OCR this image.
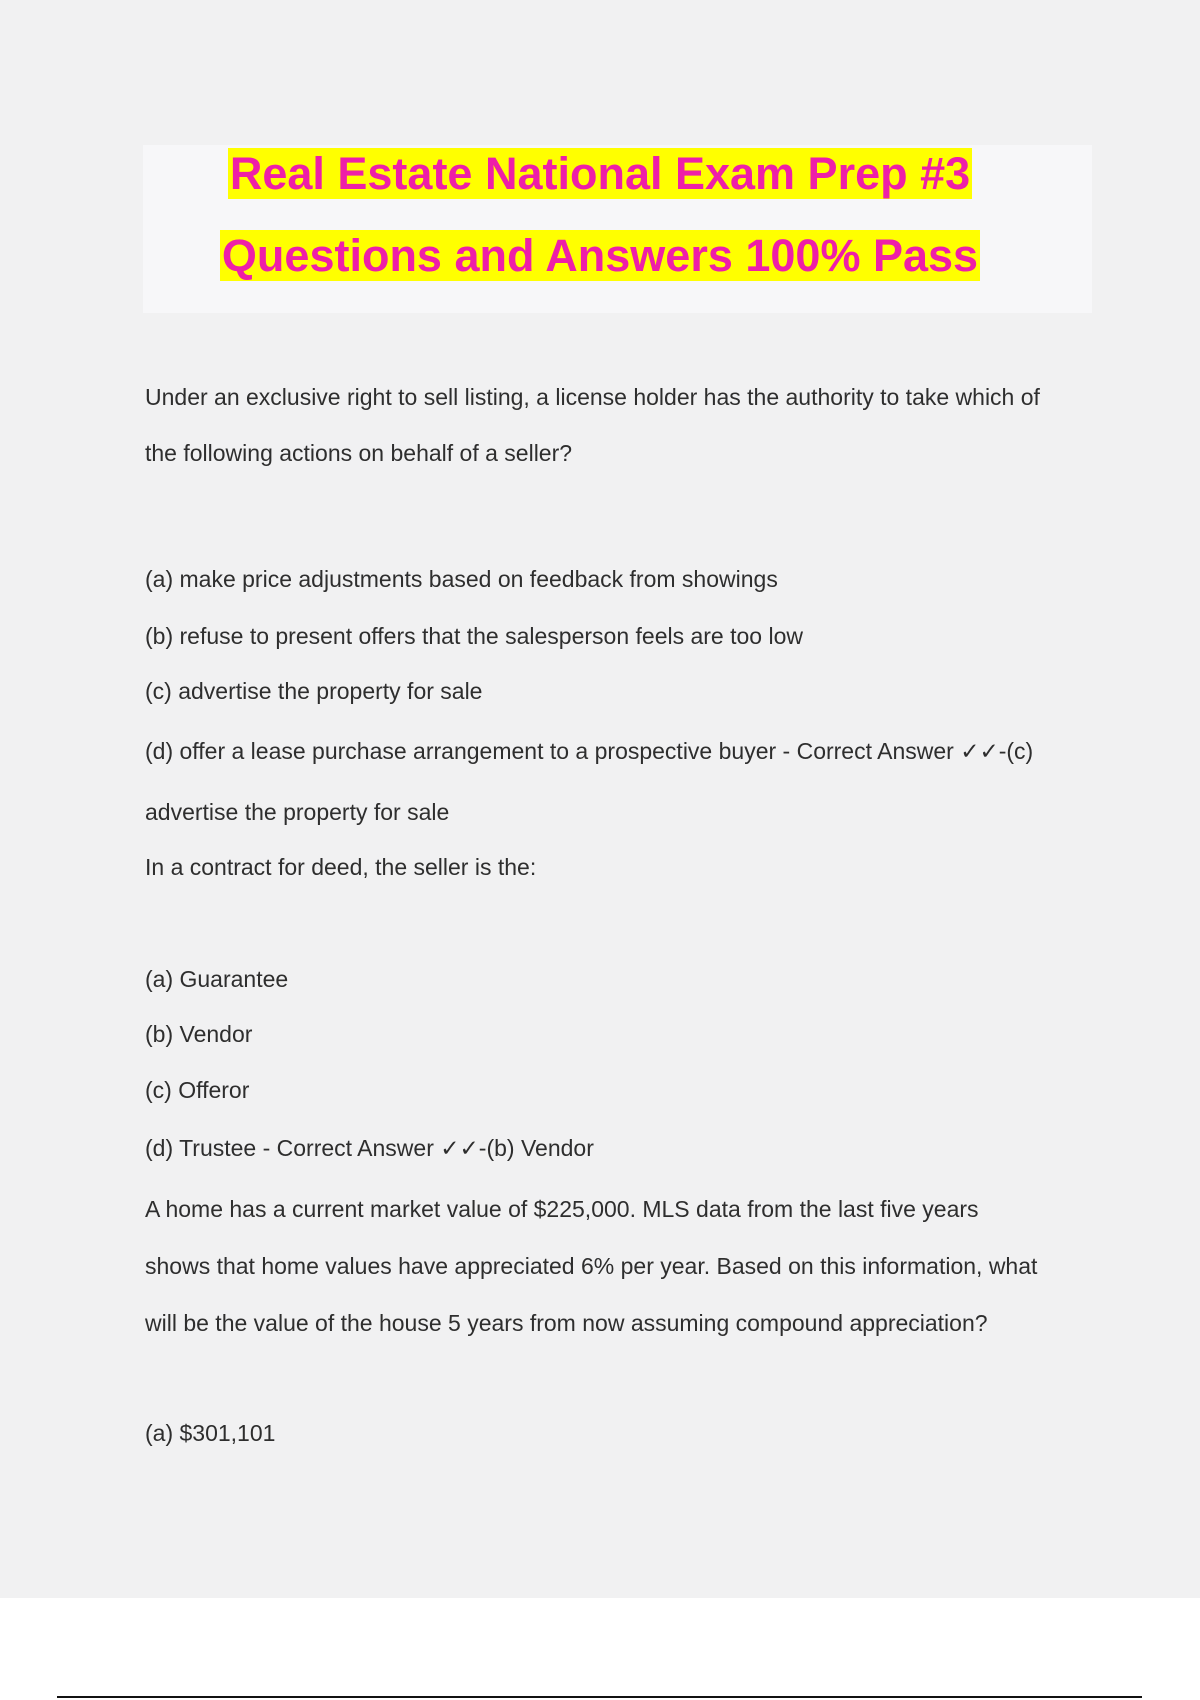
Real Estate National Exam Prep #3
Questions and Answers 100% Pass
Under an exclusive right to sell listing, a license holder has the authority to take which of
the following actions on behalf of a seller?
(a) make price adjustments based on feedback from showings
(b) refuse to present offers that the salesperson feels are too low
(c) advertise the property for sale
(d) offer a lease purchase arrangement to a prospective buyer - Correct Answer ✓✓-(c)
advertise the property for sale
In a contract for deed, the seller is the:
(a) Guarantee
(b) Vendor
(c) Offeror
(d) Trustee - Correct Answer ✓✓-(b) Vendor
A home has a current market value of $225,000. MLS data from the last five years
shows that home values have appreciated 6% per year. Based on this information, what
will be the value of the house 5 years from now assuming compound appreciation?
(a) $301,101
